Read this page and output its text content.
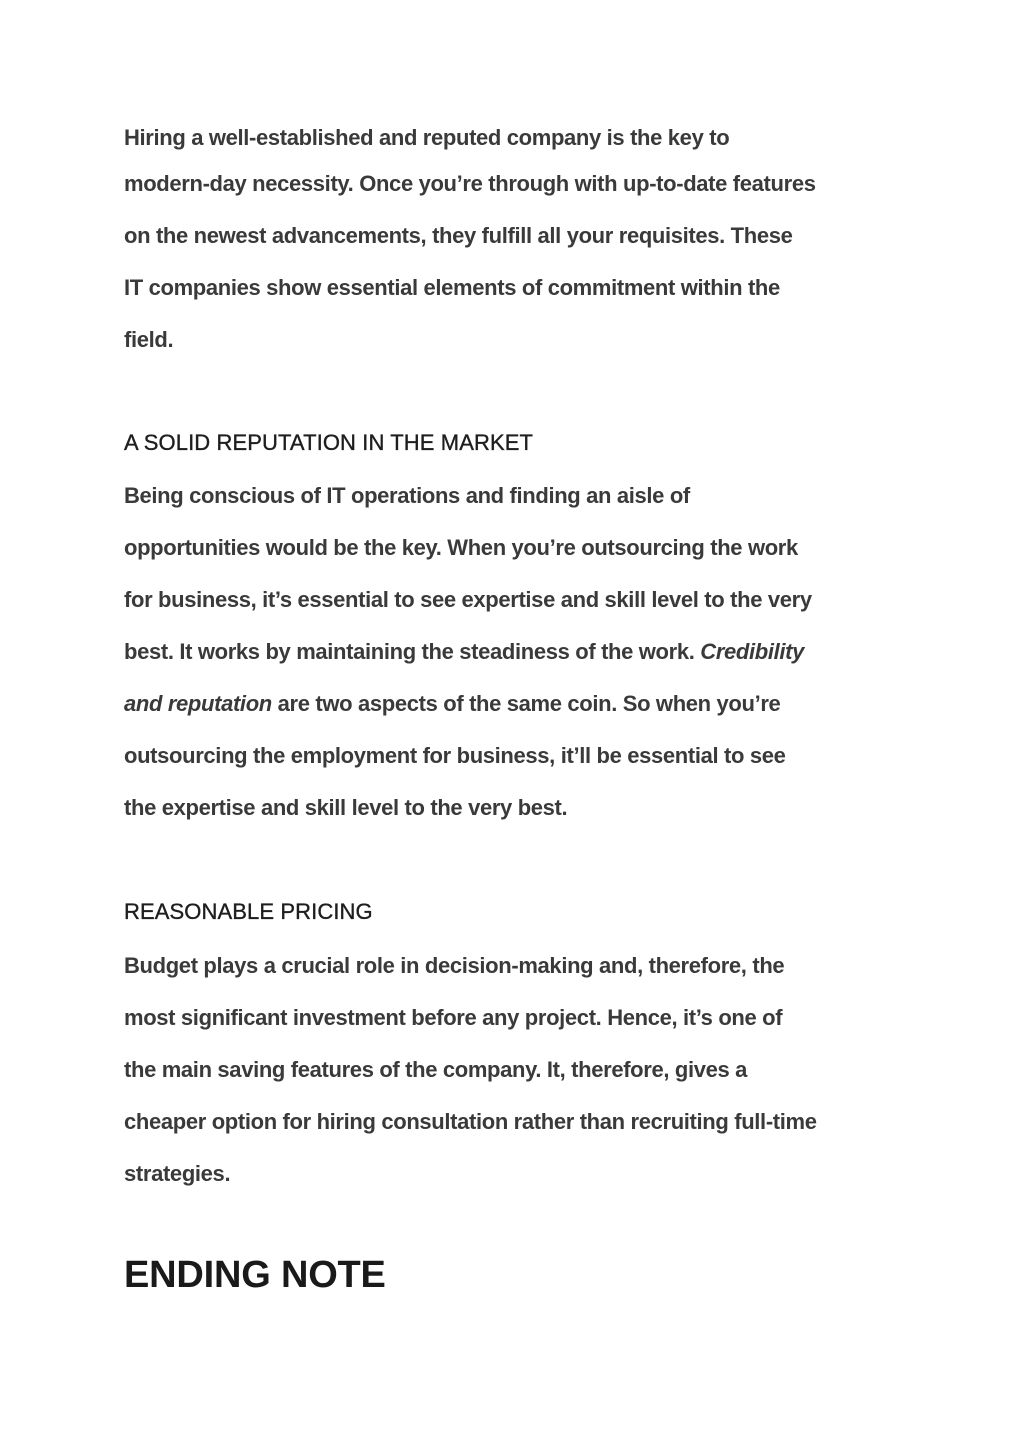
Hiring a well-established and reputed company is the key to
modern-day necessity. Once you’re through with up-to-date features
on the newest advancements, they fulfill all your requisites. These
IT companies show essential elements of commitment within the
field.

A SOLID REPUTATION IN THE MARKET

Being conscious of IT operations and finding an aisle of
opportunities would be the key. When you’re outsourcing the work
for business, it’s essential to see expertise and skill level to the very
best. It works by maintaining the steadiness of the work. Credibility
and reputation are two aspects of the same coin. So when you’re
outsourcing the employment for business, it’ll be essential to see
the expertise and skill level to the very best.

REASONABLE PRICING

Budget plays a crucial role in decision-making and, therefore, the
most significant investment before any project. Hence, it’s one of
the main saving features of the company. It, therefore, gives a
cheaper option for hiring consultation rather than recruiting full-time
strategies.

ENDING NOTE
